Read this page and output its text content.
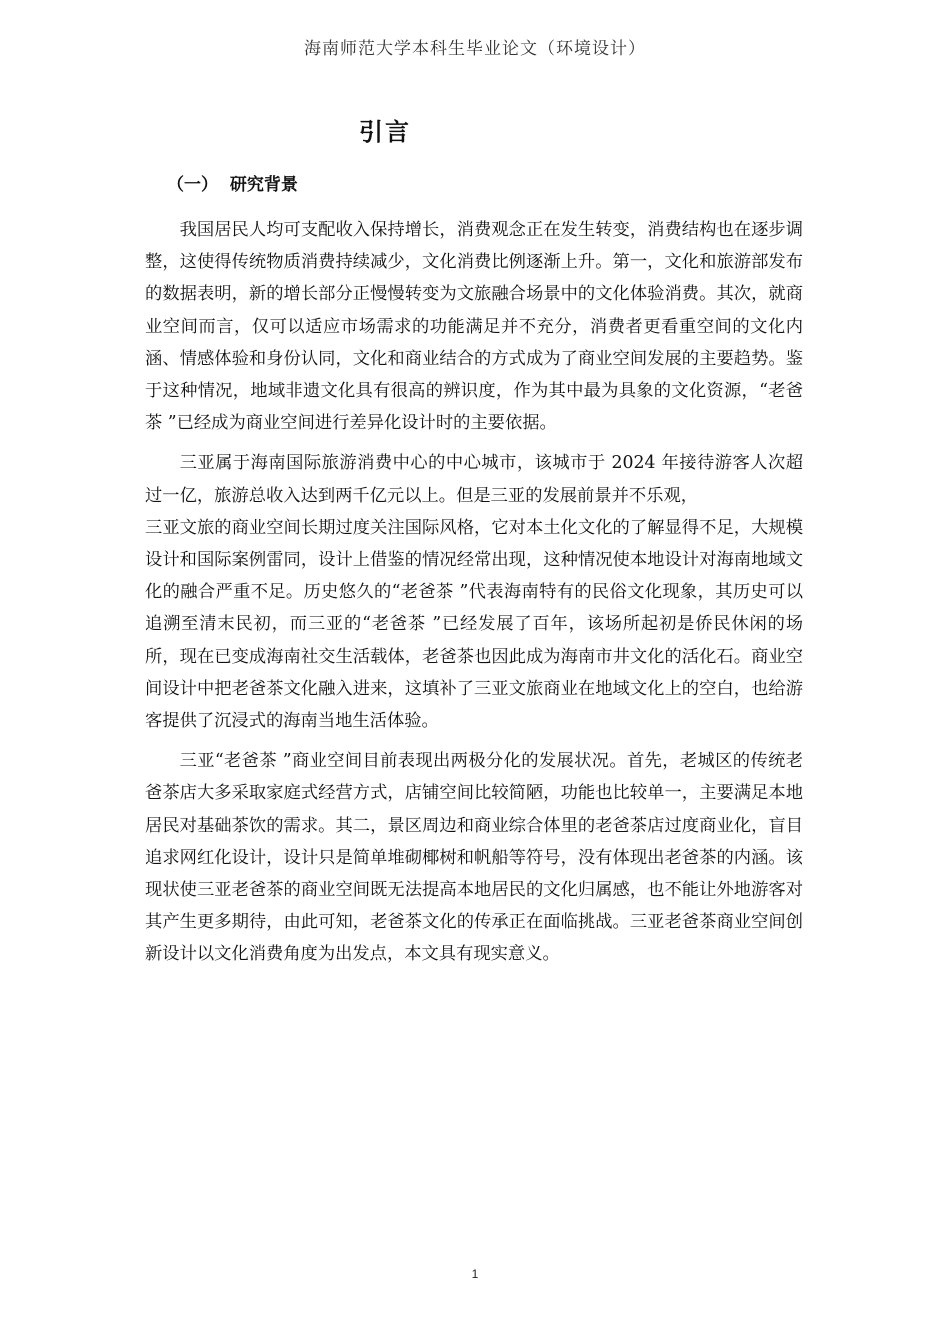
海南师范大学本科生毕业论文（环境设计）
引言
（一）  研究背景

我国居民人均可支配收入保持增长，消费观念正在发生转变，消费结构也在逐步调整，这使得传统物质消费持续减少，文化消费比例逐渐上升。第一，文化和旅游部发布的数据表明，新的增长部分正慢慢转变为文旅融合场景中的文化体验消费。其次，就商业空间而言，仅可以适应市场需求的功能满足并不充分，消费者更看重空间的文化内涵、情感体验和身份认同，文化和商业结合的方式成为了商业空间发展的主要趋势。鉴于这种情况，地域非遗文化具有很高的辨识度，作为其中最为具象的文化资源，“老爸茶 ”已经成为商业空间进行差异化设计时的主要依据。

三亚属于海南国际旅游消费中心的中心城市，该城市于 2024 年接待游客人次超过一亿，旅游总收入达到两千亿元以上。但是三亚的发展前景并不乐观，

三亚文旅的商业空间长期过度关注国际风格，它对本土化文化的了解显得不足，大规模设计和国际案例雷同，设计上借鉴的情况经常出现，这种情况使本地设计对海南地域文化的融合严重不足。历史悠久的“老爸茶 ”代表海南特有的民俗文化现象，其历史可以追溯至清末民初，而三亚的“老爸茶 ”已经发展了百年，该场所起初是侨民休闲的场所，现在已变成海南社交生活载体，老爸茶也因此成为海南市井文化的活化石。商业空间设计中把老爸茶文化融入进来，这填补了三亚文旅商业在地域文化上的空白，也给游客提供了沉浸式的海南当地生活体验。

三亚“老爸茶 ”商业空间目前表现出两极分化的发展状况。首先，老城区的传统老爸茶店大多采取家庭式经营方式，店铺空间比较简陋，功能也比较单一，主要满足本地居民对基础茶饮的需求。其二，景区周边和商业综合体里的老爸茶店过度商业化，盲目追求网红化设计，设计只是简单堆砌椰树和帆船等符号，没有体现出老爸茶的内涵。该现状使三亚老爸茶的商业空间既无法提高本地居民的文化归属感，也不能让外地游客对其产生更多期待，由此可知，老爸茶文化的传承正在面临挑战。三亚老爸茶商业空间创新设计以文化消费角度为出发点，本文具有现实意义。

1
